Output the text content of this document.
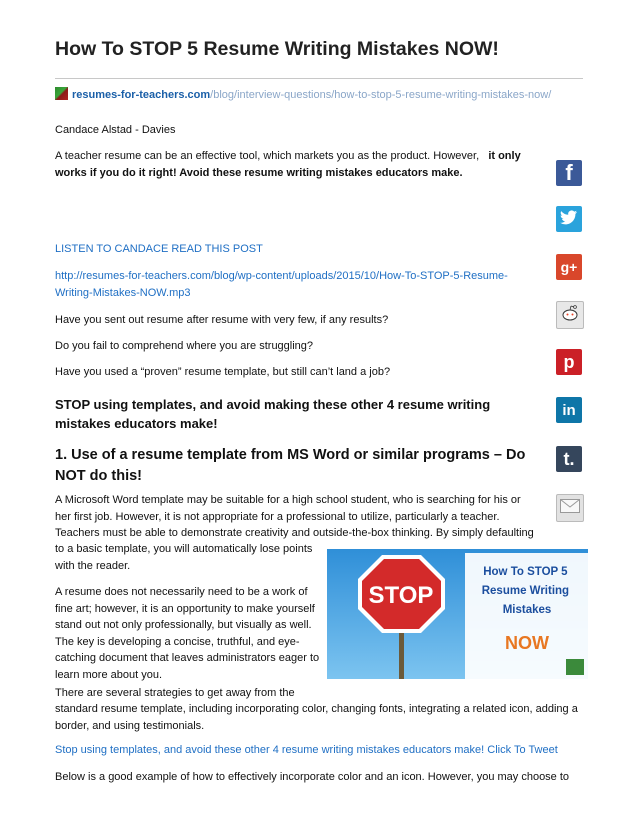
How To STOP 5 Resume Writing Mistakes NOW!
resumes-for-teachers.com/blog/interview-questions/how-to-stop-5-resume-writing-mistakes-now/

Candace Alstad - Davies

A teacher resume can be an effective tool, which markets you as the product. However, it only works if you do it right! Avoid these resume writing mistakes educators make.

LISTEN TO CANDACE READ THIS POST

http://resumes-for-teachers.com/blog/wp-content/uploads/2015/10/How-To-STOP-5-Resume-Writing-Mistakes-NOW.mp3

Have you sent out resume after resume with very few, if any results?

Do you fail to comprehend where you are struggling?

Have you used a “proven” resume template, but still can’t land a job?

STOP using templates, and avoid making these other 4 resume writing mistakes educators make!

1. Use of a resume template from MS Word or similar programs – Do NOT do this!

A Microsoft Word template may be suitable for a high school student, who is searching for his or her first job. However, it is not appropriate for a professional to utilize, particularly a teacher. Teachers must be able to demonstrate creativity and outside-the-box thinking. By simply defaulting

to a basic template, you will automatically lose points with the reader.

A resume does not necessarily need to be a work of fine art; however, it is an opportunity to make yourself stand out not only professionally, but visually as well. The key is developing a concise, truthful, and eye-catching document that leaves administrators eager to learn more about you.

There are several strategies to get away from the

standard resume template, including incorporating color, changing fonts, integrating a related icon, adding a border, and using testimonials.

Stop using templates, and avoid these other 4 resume writing mistakes educators make! Click To Tweet

Below is a good example of how to effectively incorporate color and an icon. However, you may choose to

STOP
How To STOP 5 Resume Writing Mistakes
NOW
f
g+
p
in
t.
